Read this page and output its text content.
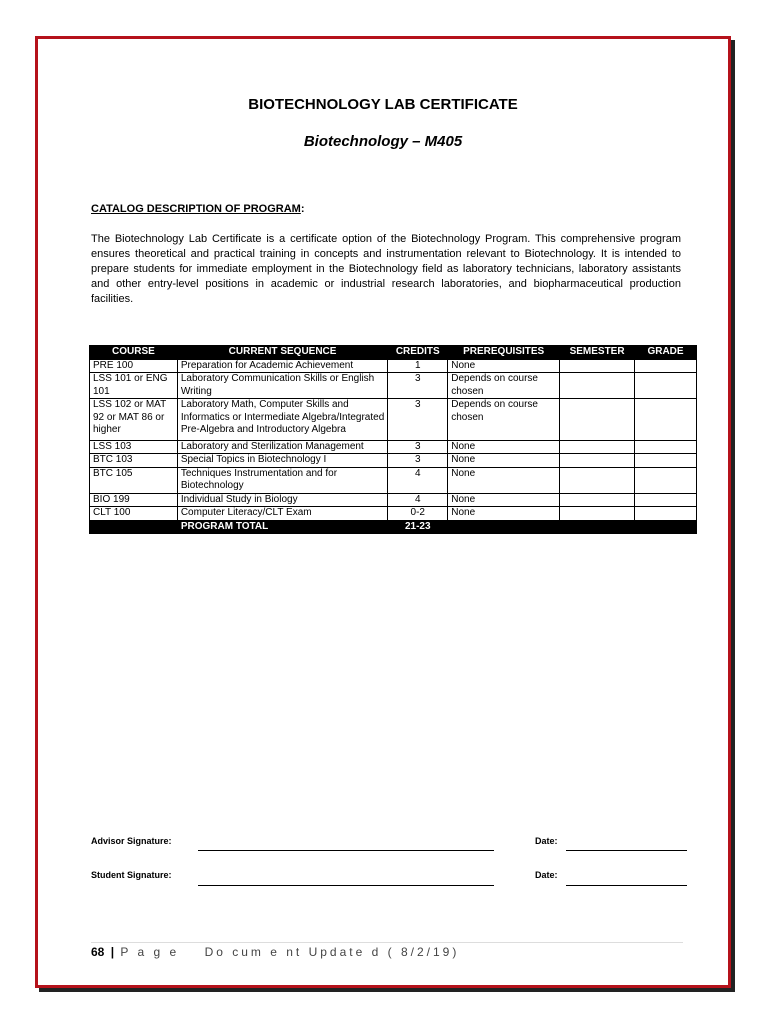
BIOTECHNOLOGY LAB CERTIFICATE
Biotechnology – M405
CATALOG DESCRIPTION OF PROGRAM:
The Biotechnology Lab Certificate is a certificate option of the Biotechnology Program. This comprehensive program ensures theoretical and practical training in concepts and instrumentation relevant to Biotechnology. It is intended to prepare students for immediate employment in the Biotechnology field as laboratory technicians, laboratory assistants and other entry-level positions in academic or industrial research laboratories, and biopharmaceutical production facilities.
COURSE	CURRENT SEQUENCE	CREDITS	PREREQUISITES	SEMESTER	GRADE
PRE 100	Preparation for Academic Achievement	1	None		
LSS 101 or ENG 101	Laboratory Communication Skills or English Writing	3	Depends on course chosen		
LSS 102 or MAT 92 or MAT 86 or higher	Laboratory Math, Computer Skills and Informatics or Intermediate Algebra/Integrated Pre-Algebra and Introductory Algebra	3	Depends on course chosen		
LSS 103	Laboratory and Sterilization Management	3	None		
BTC 103	Special Topics in Biotechnology I	3	None		
BTC 105	Techniques Instrumentation and for Biotechnology	4	None		
BIO 199	Individual Study in Biology	4	None		
CLT 100	Computer Literacy/CLT Exam	0-2	None		
	PROGRAM TOTAL	21-23			
Advisor Signature:	Date:
Student Signature:	Date:
68 | P a g e Do cum e nt Update d ( 8/2/19)
